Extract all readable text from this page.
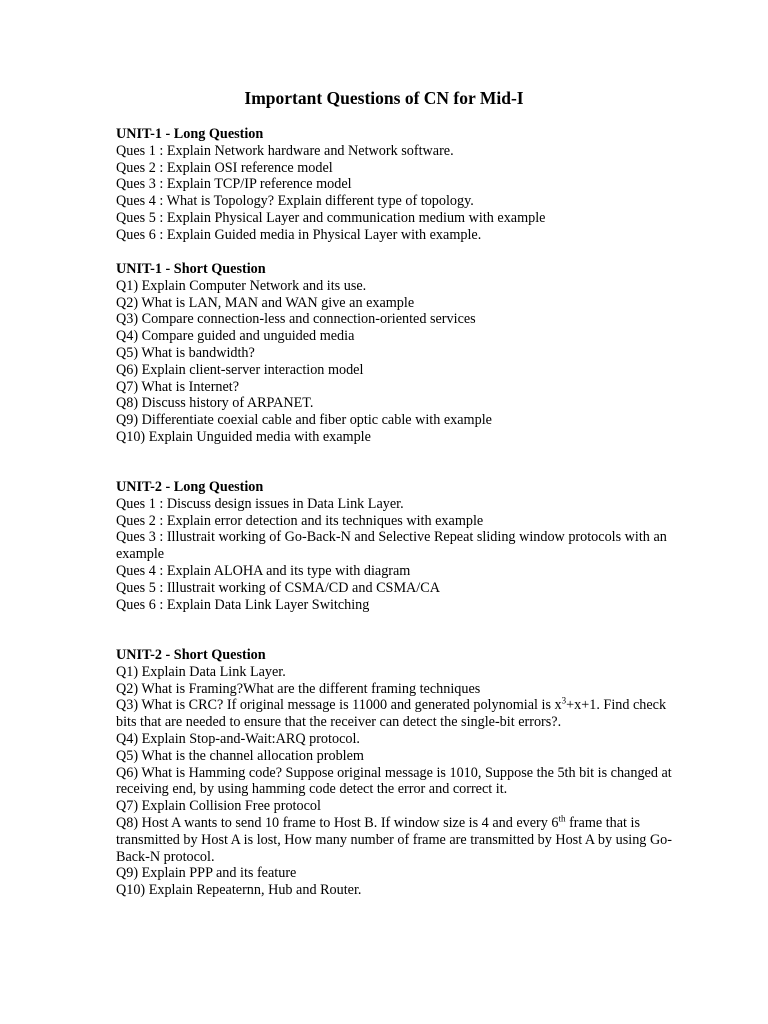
Important Questions of CN for Mid-I
UNIT-1 - Long Question
Ques 1 : Explain Network hardware and Network software.
Ques 2 : Explain OSI reference model
Ques 3 : Explain TCP/IP reference model
Ques 4 : What is Topology? Explain different type of topology.
Ques 5 : Explain Physical Layer and communication medium with example
Ques 6 : Explain Guided media in Physical Layer with example.
UNIT-1 - Short Question
Q1) Explain Computer Network and its use.
Q2) What is LAN, MAN and WAN give an example
Q3) Compare connection-less and connection-oriented services
Q4) Compare guided and unguided media
Q5) What is bandwidth?
Q6) Explain client-server interaction model
Q7) What is Internet?
Q8) Discuss history of ARPANET.
Q9) Differentiate coexial cable and fiber optic cable with example
Q10) Explain Unguided media with example
UNIT-2 - Long Question
Ques 1 : Discuss design issues in Data Link Layer.
Ques 2 : Explain error detection and its techniques with example
Ques 3 : Illustrait working of Go-Back-N and Selective Repeat sliding window protocols with an example
Ques 4 : Explain ALOHA and its type with diagram
Ques 5 : Illustrait working of CSMA/CD and CSMA/CA
Ques 6 : Explain Data Link Layer Switching
UNIT-2 - Short Question
Q1) Explain Data Link Layer.
Q2) What is Framing?What are the different framing techniques
Q3) What is CRC? If original message is 11000 and generated polynomial is $x^3+x+1$. Find check bits that are needed to ensure that the receiver can detect the single-bit errors?.
Q4) Explain Stop-and-Wait:ARQ protocol.
Q5) What is the channel allocation problem
Q6) What is Hamming code? Suppose original message is 1010, Suppose the 5th bit is changed at receiving end, by using hamming code detect the error and correct it.
Q7) Explain Collision Free protocol
Q8) Host A wants to send 10 frame to Host B. If window size is 4 and every 6th frame that is transmitted by Host A is lost, How many number of frame are transmitted by Host A by using Go-Back-N protocol.
Q9) Explain PPP and its feature
Q10) Explain Repeaternn, Hub and Router.
